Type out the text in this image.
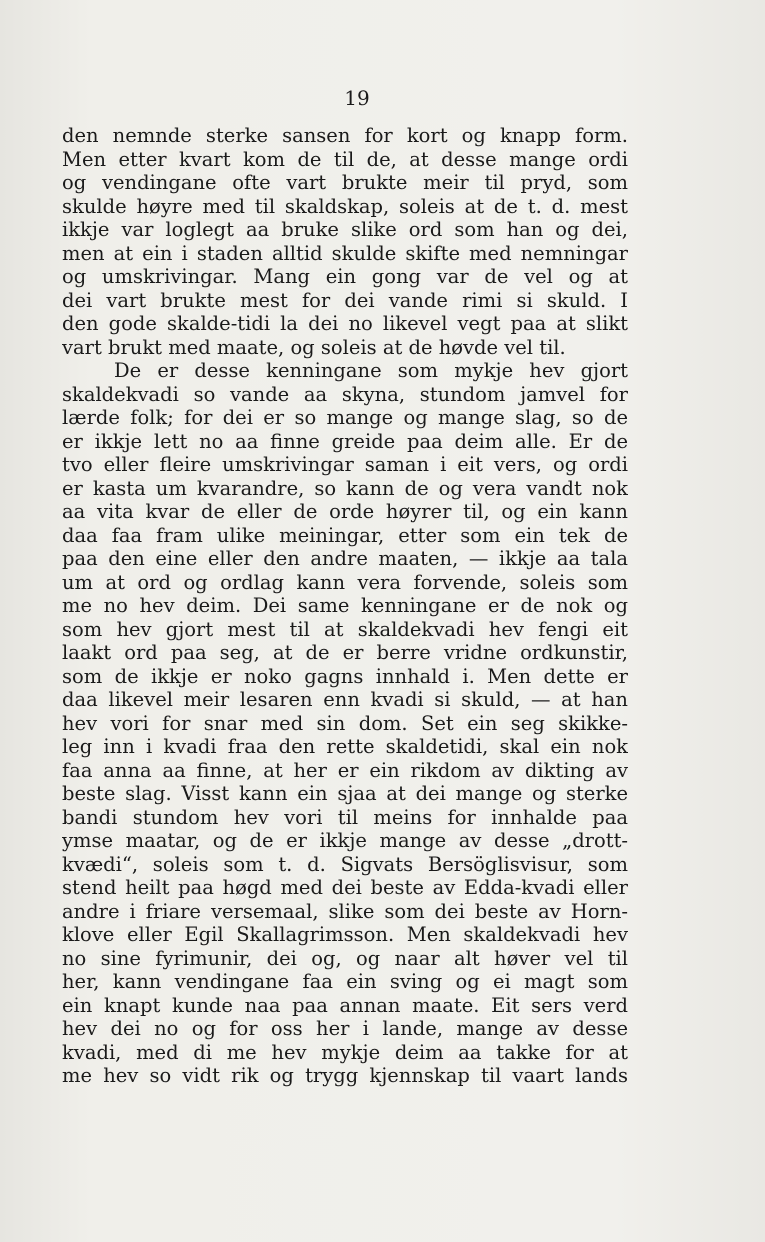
19
den nemnde sterke sansen for kort og knapp form.
Men etter kvart kom de til de, at desse mange ordi
og vendingane ofte vart brukte meir til pryd, som
skulde høyre med til skaldskap, soleis at de t. d. mest
ikkje var loglegt aa bruke slike ord som han og dei,
men at ein i staden alltid skulde skifte med nemningar
og umskrivingar. Mang ein gong var de vel og at
dei vart brukte mest for dei vande rimi si skuld. I
den gode skalde-tidi la dei no likevel vegt paa at slikt
vart brukt med maate, og soleis at de høvde vel til.
De er desse kenningane som mykje hev gjort
skaldekvadi so vande aa skyna, stundom jamvel for
lærde folk; for dei er so mange og mange slag, so de
er ikkje lett no aa finne greide paa deim alle. Er de
tvo eller fleire umskrivingar saman i eit vers, og ordi
er kasta um kvarandre, so kann de og vera vandt nok
aa vita kvar de eller de orde høyrer til, og ein kann
daa faa fram ulike meiningar, etter som ein tek de
paa den eine eller den andre maaten, — ikkje aa tala
um at ord og ordlag kann vera forvende, soleis som
me no hev deim. Dei same kenningane er de nok og
som hev gjort mest til at skaldekvadi hev fengi eit
laakt ord paa seg, at de er berre vridne ordkunstir,
som de ikkje er noko gagns innhald i. Men dette er
daa likevel meir lesaren enn kvadi si skuld, — at han
hev vori for snar med sin dom. Set ein seg skikke-
leg inn i kvadi fraa den rette skaldetidi, skal ein nok
faa anna aa finne, at her er ein rikdom av dikting av
beste slag. Visst kann ein sjaa at dei mange og sterke
bandi stundom hev vori til meins for innhalde paa
ymse maatar, og de er ikkje mange av desse „drott-
kvædi“, soleis som t. d. Sigvats Bersöglisvisur, som
stend heilt paa høgd med dei beste av Edda-kvadi eller
andre i friare versemaal, slike som dei beste av Horn-
klove eller Egil Skallagrimsson. Men skaldekvadi hev
no sine fyrimunir, dei og, og naar alt høver vel til
her, kann vendingane faa ein sving og ei magt som
ein knapt kunde naa paa annan maate. Eit sers verd
hev dei no og for oss her i lande, mange av desse
kvadi, med di me hev mykje deim aa takke for at
me hev so vidt rik og trygg kjennskap til vaart lands
